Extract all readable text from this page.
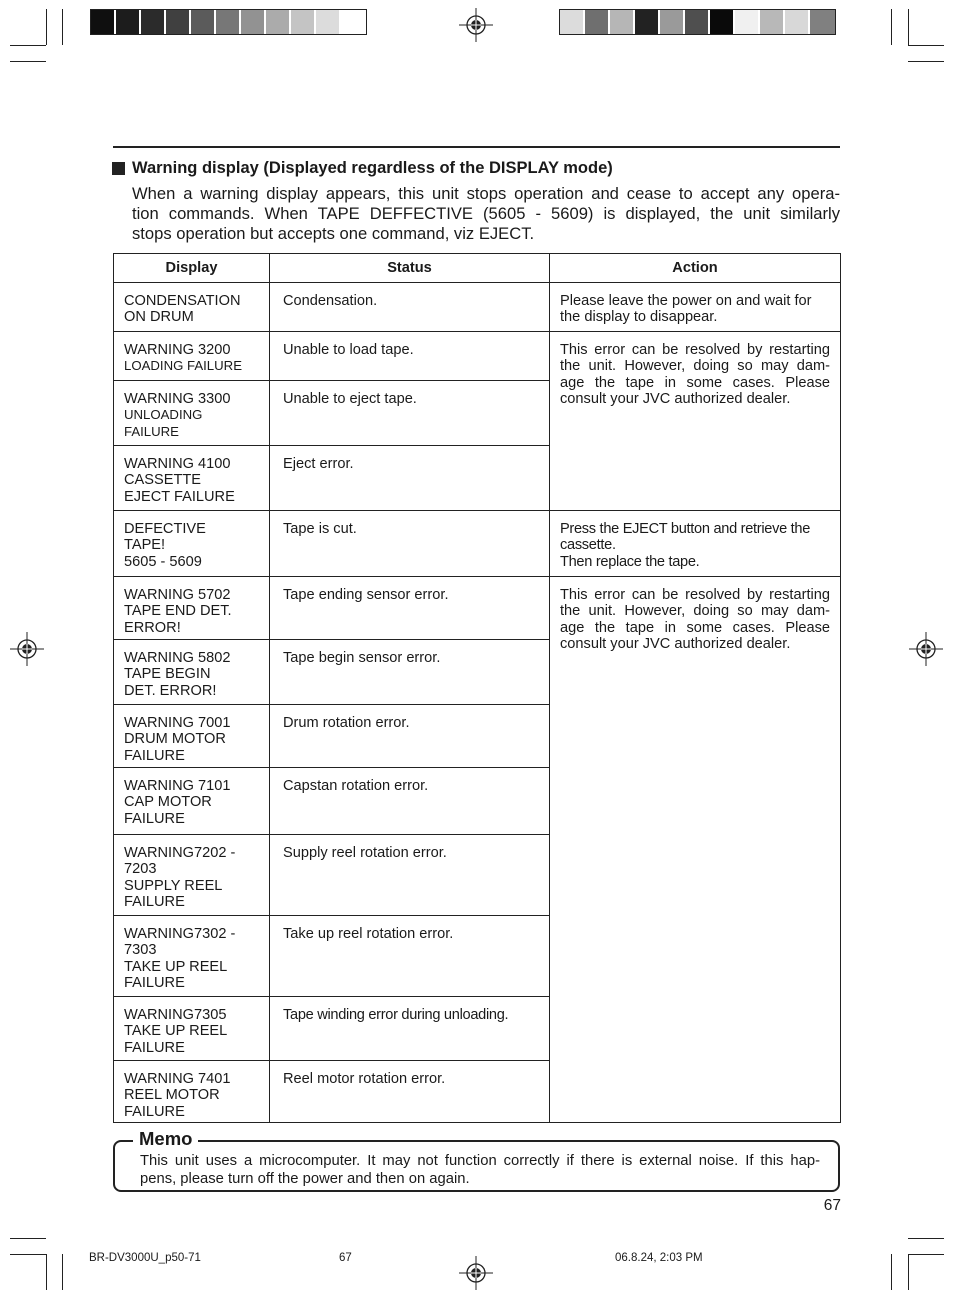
Warning display (Displayed regardless of the DISPLAY mode)
When a warning display appears, this unit stops operation and cease to accept any opera-
tion commands. When TAPE DEFFECTIVE (5605 - 5609) is displayed, the unit similarly
stops operation but accepts one command, viz EJECT.
Display	Status	Action

CONDENSATION
ON DRUM	Condensation.	Please leave the power on and wait for
the display to disappear.

WARNING 3200
LOADING FAILURE	Unable to load tape.	This error can be resolved by restarting
the unit. However, doing so may dam-
age the tape in some cases. Please
consult your JVC authorized dealer.

WARNING 3300
UNLOADING
FAILURE	Unable to eject tape.	

WARNING 4100
CASSETTE
EJECT FAILURE	Eject error.	

DEFECTIVE
TAPE!
5605 - 5609	Tape is cut.	Press the EJECT button and retrieve the
cassette.
Then replace the tape.

WARNING 5702
TAPE END DET.
ERROR!	Tape ending sensor error.	This error can be resolved by restarting
the unit. However, doing so may dam-
age the tape in some cases. Please
consult your JVC authorized dealer.

WARNING 5802
TAPE BEGIN
DET. ERROR!	Tape begin sensor error.	

WARNING 7001
DRUM MOTOR
FAILURE	Drum rotation error.	

WARNING 7101
CAP MOTOR
FAILURE	Capstan rotation error.	

WARNING7202 -
7203
SUPPLY REEL
FAILURE	Supply reel rotation error.	

WARNING7302 -
7303
TAKE UP REEL
FAILURE	Take up reel rotation error.	

WARNING7305
TAKE UP REEL
FAILURE	Tape winding error during unloading.	

WARNING 7401
REEL MOTOR
FAILURE	Reel motor rotation error.	
Memo
This unit uses a microcomputer. It may not function correctly if there is external noise. If this hap-
pens, please turn off the power and then on again.
67
BR-DV3000U_p50-71	67	06.8.24, 2:03 PM
